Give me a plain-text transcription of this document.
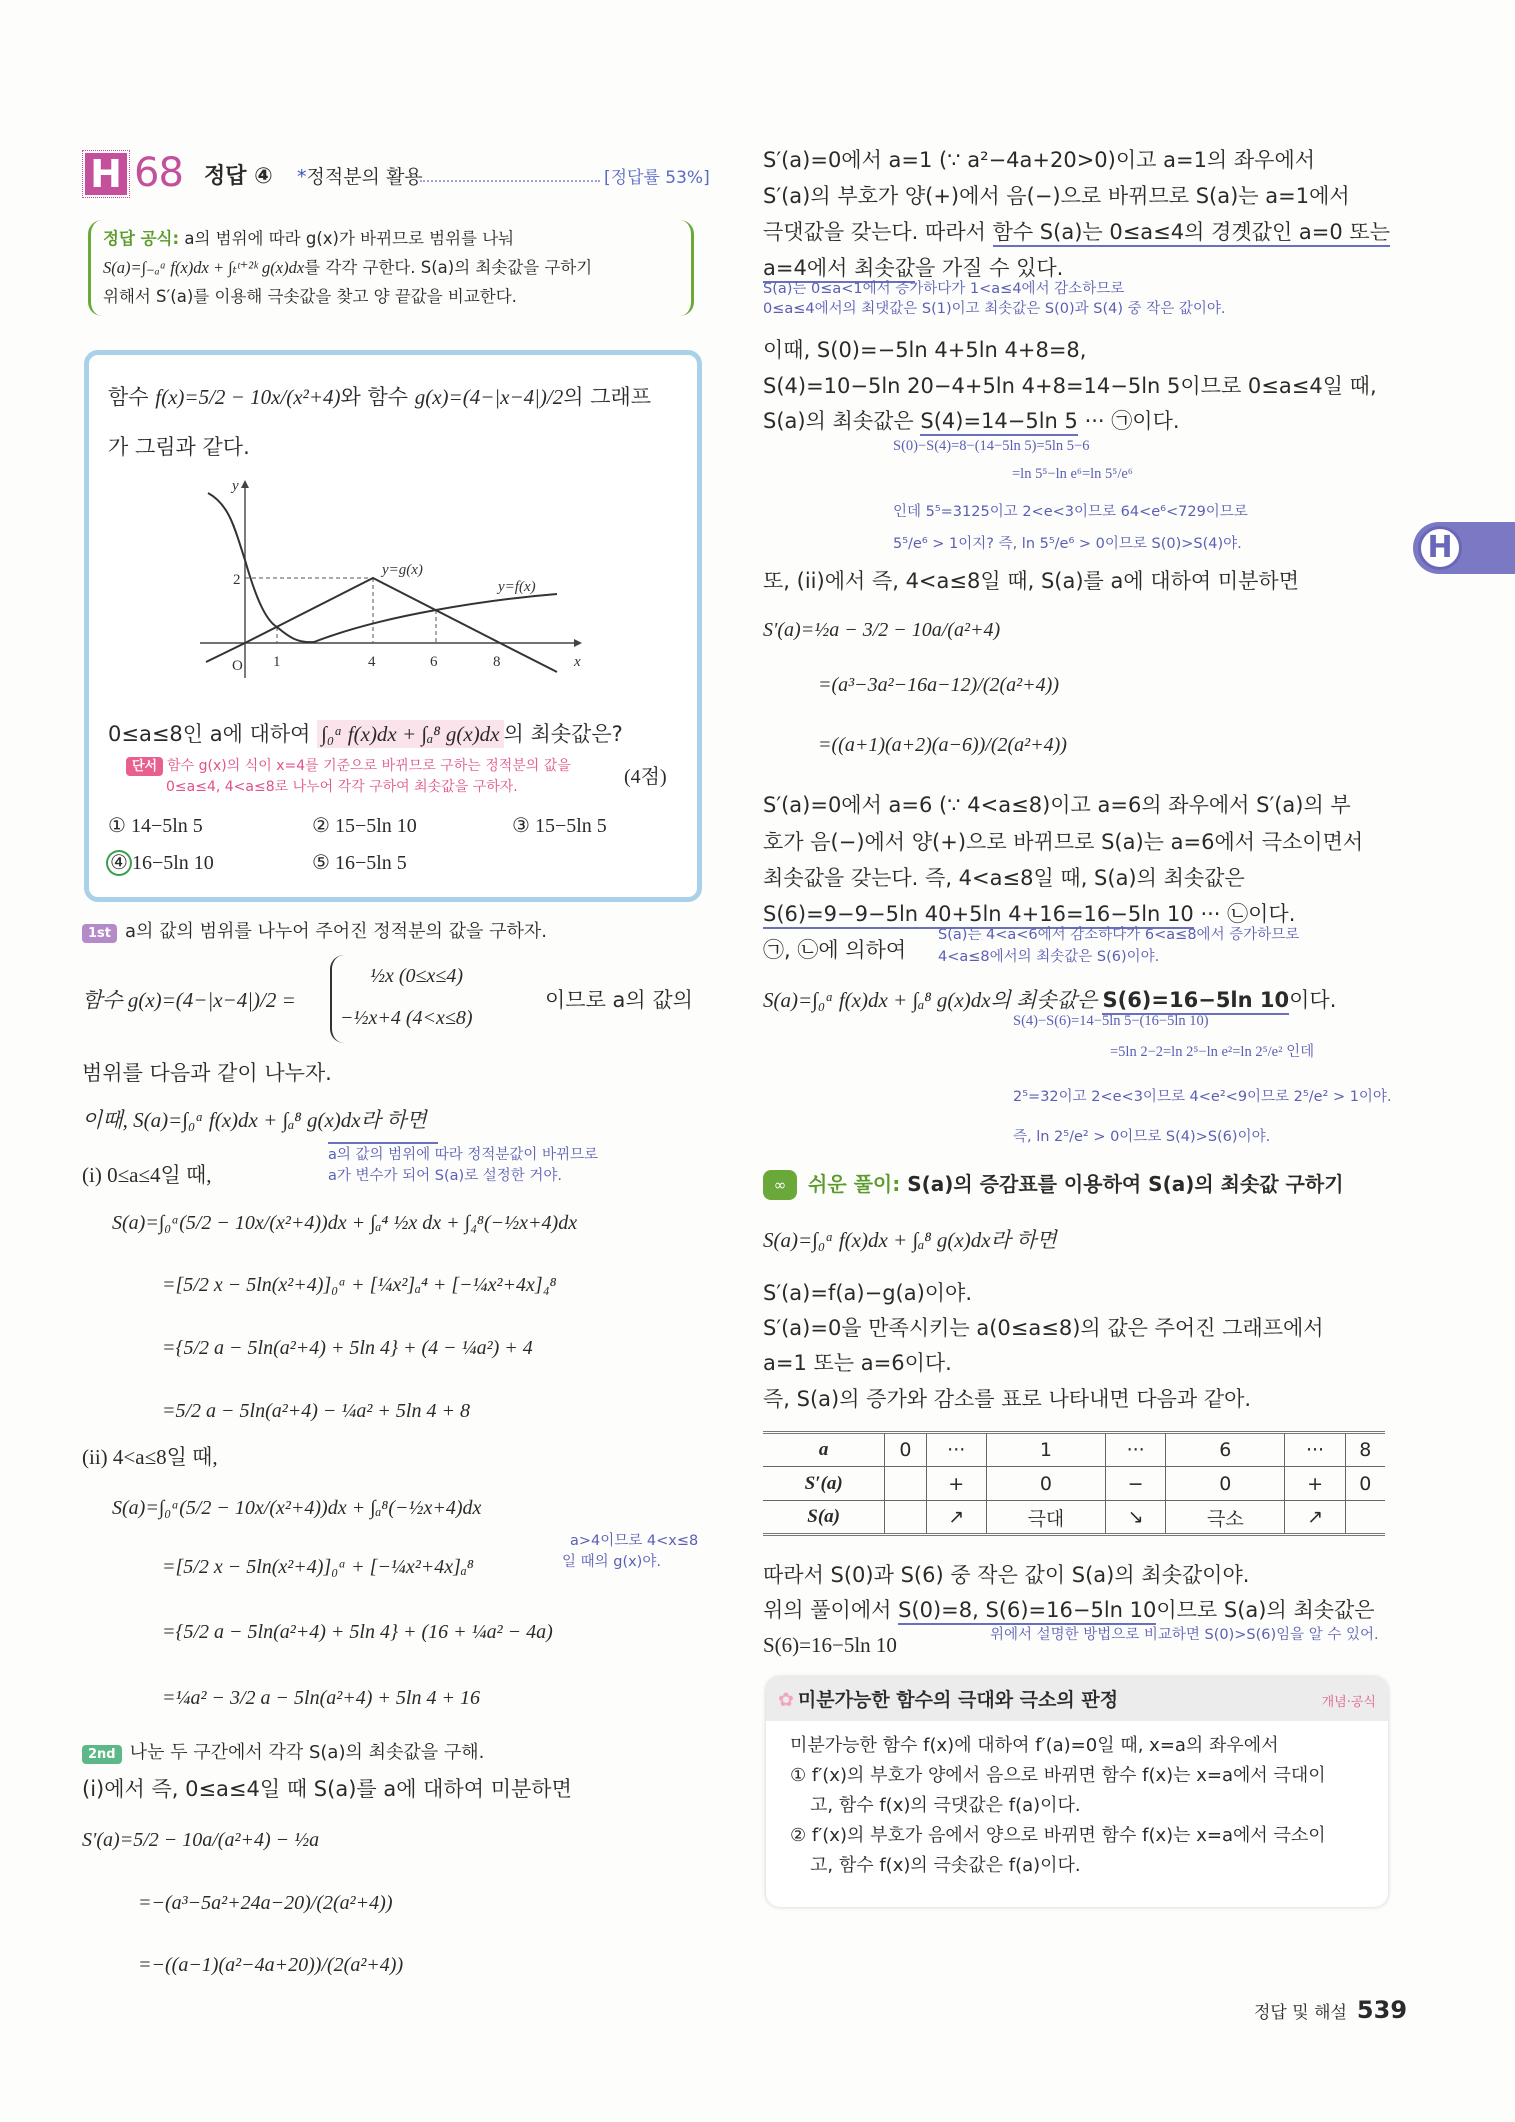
H 68 정답 ④ *정적분의 활용	[정답률 53%]
정답 공식: a의 범위에 따라 g(x)가 바뀌므로 범위를 나눠
S(a)=∫₋ₐᵃ f(x)dx + ∫ₜᵗ⁺²ᵏ g(x)dx를 각각 구한다. S(a)의 최솟값을 구하기
위해서 S′(a)를 이용해 극솟값을 찾고 양 끝값을 비교한다.
함수 f(x)=5/2 − 10x/(x²+4)와 함수 g(x)=(4−|x−4|)/2의 그래프
가 그림과 같다.
y
x
O 1	4	6	8
2
y=g(x)
y=f(x)
0≤a≤8인 a에 대하여 ∫₀ᵃ f(x)dx + ∫ₐ⁸ g(x)dx 의 최솟값은?
단서 함수 g(x)의 식이 x=4를 기준으로 바뀌므로 구하는 정적분의 값을
0≤a≤4, 4<a≤8로 나누어 각각 구하여 최솟값을 구하자.	(4점)
① 14−5ln 5	② 15−5ln 10	③ 15−5ln 5
④ 16−5ln 10	⑤ 16−5ln 5
1st a의 값의 범위를 나누어 주어진 정적분의 값을 구하자.
함수 g(x)=(4−|x−4|)/2 =
½x (0≤x≤4)
−½x+4 (4<x≤8)
이므로 a의 값의
범위를 다음과 같이 나누자.
이때, S(a)=∫₀ᵃ f(x)dx + ∫ₐ⁸ g(x)dx라 하면
a의 값의 범위에 따라 정적분값이 바뀌므로
a가 변수가 되어 S(a)로 설정한 거야.
(i) 0≤a≤4일 때,
S(a)=∫₀ᵃ(5/2 − 10x/(x²+4))dx + ∫ₐ⁴ ½x dx + ∫₄⁸(−½x+4)dx
=[5/2 x − 5ln(x²+4)]₀ᵃ + [¼x²]ₐ⁴ + [−¼x²+4x]₄⁸
={5/2 a − 5ln(a²+4) + 5ln 4} + (4 − ¼a²) + 4
=5/2 a − 5ln(a²+4) − ¼a² + 5ln 4 + 8
(ii) 4<a≤8일 때,
S(a)=∫₀ᵃ(5/2 − 10x/(x²+4))dx + ∫ₐ⁸(−½x+4)dx
a>4이므로 4<x≤8
일 때의 g(x)야.
=[5/2 x − 5ln(x²+4)]₀ᵃ + [−¼x²+4x]ₐ⁸
={5/2 a − 5ln(a²+4) + 5ln 4} + (16 + ¼a² − 4a)
=¼a² − 3/2 a − 5ln(a²+4) + 5ln 4 + 16
2nd 나눈 두 구간에서 각각 S(a)의 최솟값을 구해.
(i)에서 즉, 0≤a≤4일 때 S(a)를 a에 대하여 미분하면
S′(a)=5/2 − 10a/(a²+4) − ½a
=−(a³−5a²+24a−20)/(2(a²+4))
=−((a−1)(a²−4a+20))/(2(a²+4))
S′(a)=0에서 a=1 (∵ a²−4a+20>0)이고 a=1의 좌우에서
S′(a)의 부호가 양(+)에서 음(−)으로 바뀌므로 S(a)는 a=1에서
극댓값을 갖는다. 따라서 함수 S(a)는 0≤a≤4의 경곗값인 a=0 또는
a=4에서 최솟값을 가질 수 있다.
S(a)는 0≤a<1에서 증가하다가 1<a≤4에서 감소하므로
0≤a≤4에서의 최댓값은 S(1)이고 최솟값은 S(0)과 S(4) 중 작은 값이야.
이때, S(0)=−5ln 4+5ln 4+8=8,
S(4)=10−5ln 20−4+5ln 4+8=14−5ln 5이므로 0≤a≤4일 때,
S(a)의 최솟값은 S(4)=14−5ln 5 ··· ㉠이다.
S(0)−S(4)=8−(14−5ln 5)=5ln 5−6
=ln 5⁵−ln e⁶=ln 5⁵/e⁶
인데 5⁵=3125이고 2<e<3이므로 64<e⁶<729이므로
5⁵/e⁶ > 1이지? 즉, ln 5⁵/e⁶ > 0이므로 S(0)>S(4)야.
또, (ii)에서 즉, 4<a≤8일 때, S(a)를 a에 대하여 미분하면
S′(a)=½a − 3/2 − 10a/(a²+4)
=(a³−3a²−16a−12)/(2(a²+4))
=((a+1)(a+2)(a−6))/(2(a²+4))
S′(a)=0에서 a=6 (∵ 4<a≤8)이고 a=6의 좌우에서 S′(a)의 부
호가 음(−)에서 양(+)으로 바뀌므로 S(a)는 a=6에서 극소이면서
최솟값을 갖는다. 즉, 4<a≤8일 때, S(a)의 최솟값은
S(6)=9−9−5ln 40+5ln 4+16=16−5ln 10 ··· ㉡이다.
㉠, ㉡에 의하여
S(a)는 4<a<6에서 감소하다가 6<a≤8에서 증가하므로
4<a≤8에서의 최솟값은 S(6)이야.
S(a)=∫₀ᵃ f(x)dx + ∫ₐ⁸ g(x)dx의 최솟값은 S(6)=16−5ln 10이다.
S(4)−S(6)=14−5ln 5−(16−5ln 10)
=5ln 2−2=ln 2⁵−ln e²=ln 2⁵/e² 인데
2⁵=32이고 2<e<3이므로 4<e²<9이므로 2⁵/e² > 1이야.
즉, ln 2⁵/e² > 0이므로 S(4)>S(6)이야.
∞	쉬운 풀이: S(a)의 증감표를 이용하여 S(a)의 최솟값 구하기
S(a)=∫₀ᵃ f(x)dx + ∫ₐ⁸ g(x)dx라 하면
S′(a)=f(a)−g(a)이야.
S′(a)=0을 만족시키는 a(0≤a≤8)의 값은 주어진 그래프에서
a=1 또는 a=6이다.
즉, S(a)의 증가와 감소를 표로 나타내면 다음과 같아.
a	0	···	1	···	6	···	8
S′(a)		+	0	−	0	+	0
S(a)		↗	극대	↘	극소	↗	
따라서 S(0)과 S(6) 중 작은 값이 S(a)의 최솟값이야.
위의 풀이에서 S(0)=8, S(6)=16−5ln 10이므로 S(a)의 최솟값은
S(6)=16−5ln 10	위에서 설명한 방법으로 비교하면 S(0)>S(6)임을 알 수 있어.
✿ 미분가능한 함수의 극대와 극소의 판정	개념·공식
미분가능한 함수 f(x)에 대하여 f′(a)=0일 때, x=a의 좌우에서
① f′(x)의 부호가 양에서 음으로 바뀌면 함수 f(x)는 x=a에서 극대이
고, 함수 f(x)의 극댓값은 f(a)이다.
② f′(x)의 부호가 음에서 양으로 바뀌면 함수 f(x)는 x=a에서 극소이
고, 함수 f(x)의 극솟값은 f(a)이다.
H
정답 및 해설 539
